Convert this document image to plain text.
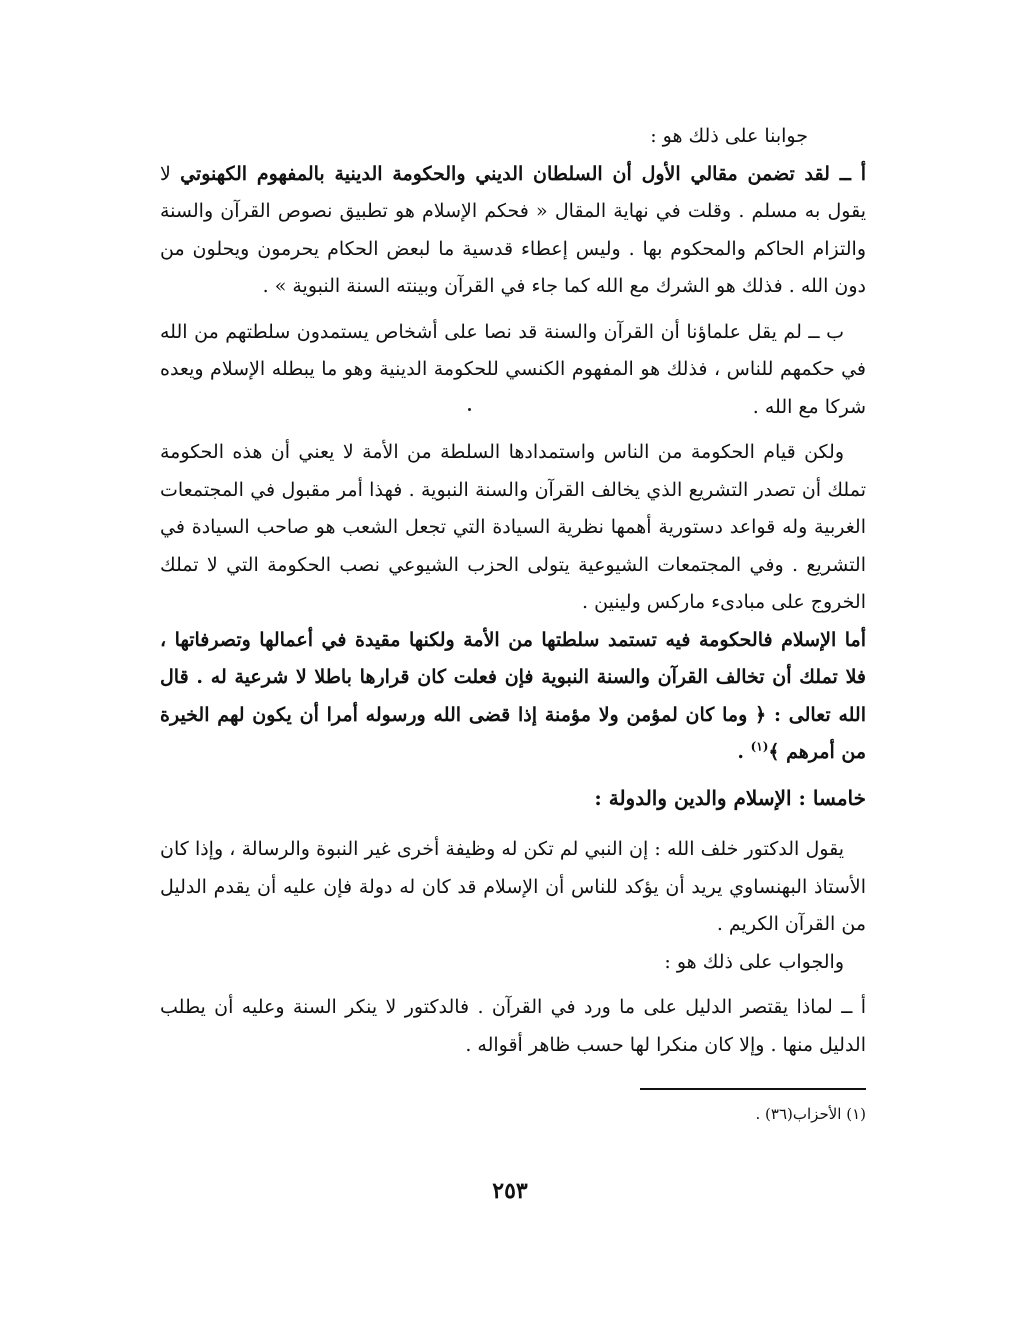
جوابنا على ذلك هو :

أ ــ لقد تضمن مقالي الأول أن السلطان الديني والحكومة الدينية بالمفهوم الكهنوتي لا يقول به مسلم . وقلت في نهاية المقال « فحكم الإسلام هو تطبيق نصوص القرآن والسنة والتزام الحاكم والمحكوم بها . وليس إعطاء قدسية ما لبعض الحكام يحرمون ويحلون من دون الله . فذلك هو الشرك مع الله كما جاء في القرآن وبينته السنة النبوية » .

ب ــ لم يقل علماؤنا أن القرآن والسنة قد نصا على أشخاص يستمدون سلطتهم من الله في حكمهم للناس ، فذلك هو المفهوم الكنسي للحكومة الدينية وهو ما يبطله الإسلام ويعده شركا مع الله .

ولكن قيام الحكومة من الناس واستمدادها السلطة من الأمة لا يعني أن هذه الحكومة تملك أن تصدر التشريع الذي يخالف القرآن والسنة النبوية . فهذا أمر مقبول في المجتمعات الغربية وله قواعد دستورية أهمها نظرية السيادة التي تجعل الشعب هو صاحب السيادة في التشريع . وفي المجتمعات الشيوعية يتولى الحزب الشيوعي نصب الحكومة التي لا تملك الخروج على مبادىء ماركس ولينين .

أما الإسلام فالحكومة فيه تستمد سلطتها من الأمة ولكنها مقيدة في أعمالها وتصرفاتها ، فلا تملك أن تخالف القرآن والسنة النبوية فإن فعلت كان قرارها باطلا لا شرعية له . قال الله تعالى : ﴿ وما كان لمؤمن ولا مؤمنة إذا قضى الله ورسوله أمرا أن يكون لهم الخيرة من أمرهم ﴾$^{(١)}$ .

خامسا : الإسلام والدين والدولة :

يقول الدكتور خلف الله : إن النبي لم تكن له وظيفة أخرى غير النبوة والرسالة ، وإذا كان الأستاذ البهنساوي يريد أن يؤكد للناس أن الإسلام قد كان له دولة فإن عليه أن يقدم الدليل من القرآن الكريم .

والجواب على ذلك هو :

أ ــ لماذا يقتصر الدليل على ما ورد في القرآن . فالدكتور لا ينكر السنة وعليه أن يطلب الدليل منها . وإلا كان منكرا لها حسب ظاهر أقواله .

(١) الأحزاب(٣٦) .
٢٥٣
